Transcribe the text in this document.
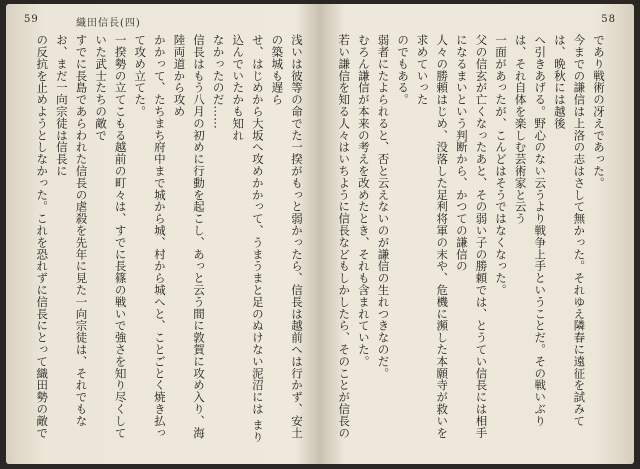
59	織田信長(四)
浅いは彼等の命でた一揆がもっと弱かったら、信長は越前へは行かず、安土の築城も遅ら
せ、はじめから大坂へ攻めかかって、うまうまと足のぬけない泥沼には まり込んでいたかも知れ
なかったのだ……
信長はもう八月の初めに行動を起こし、あっと云う間に敦賀に攻め入り、海陸両道から攻め
かかって、たちまち府中まで城から城、村から城へと、ことごとく焼き払って攻め立てた。
一揆勢の立てこもる越前の町々は、すでに長篠の戦いで強さを知り尽くしていた武士たちの敵で
すでに長島であらわれた信長の虐殺を先年に見た一向宗徒は、それでもなお、まだ一向宗徒は信長に
の反抗を止めようとしなかった。これを恐れずに信長にとって織田勢の敵で
58
であり戦術の冴えであった。
今までの謙信は上洛の志はさして無かった。それゆえ隣春に遠征を試みては、晩秋には越後
へ引きあげる。野心のない云うより戦争上手ということだ。その戦いぶりは、それ自体を楽しむ芸術家と云う
一面があったが、こんどはそうではなくなった。
父の信玄が亡くなったあと、その弱い子の勝頼では、とうてい信長には相手になるまいという判断から、かつての謙信の
人々の勝頼はじめ、没落した足利将軍の末や、危機に瀕した本願寺が救いを求めていった
のでもある。
弱者にたよられると、否と云えないのが謙信の生れつきなのだ。
むろん謙信が本来の考えを改めたとき、それも含まれていた。
若い謙信を知る人々はいちように信長などもしかしたら、そのことが信長の
